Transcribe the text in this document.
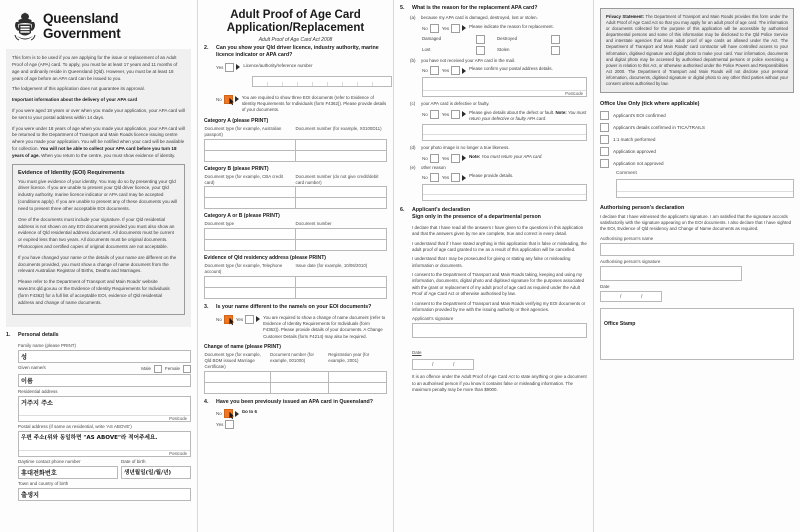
Queensland
Government

This form is to be used if you are applying for the issue or replacement of an Adult Proof of Age (APA) card. To apply, you must be at least 17 years and 11 months of age and ordinarily reside in Queensland (Qld). However, you must be at least 18 years of age before an APA card can be issued to you.

The lodgement of this application does not guarantee its approval.

Important information about the delivery of your APA card

If you were aged 18 years or over when you made your application, your APA card will be sent to your postal address within 14 days.

If you were under 18 years of age when you made your application, your APA card will be returned to the Department of Transport and Main Roads licence issuing centre where you made your application. You will be notified when your card will be available for collection. You will not be able to collect your APA card before you turn 18 years of age. When you return to the centre, you must show evidence of identity.

Evidence of Identity (EOI) Requirements

You must give evidence of your identity. You may do so by presenting your Qld driver licence. If you are unable to present your Qld driver licence, your Qld industry authority, marine licence indicator or APA card may be accepted (conditions apply). If you are unable to present any of these documents you will need to present three other acceptable EOI documents.

One of the documents must include your signature. If your Qld residential address is not shown on any EOI documents provided you must also show an evidence of Qld residential address document. All documents must be current or expired less than two years. All documents must be original documents. Photocopies and certified copies of original documents are not acceptable.

If you have changed your name or the details of your name are different on the documents provided, you must show a change of name document from the relevant Australian Registrar of Births, Deaths and Marriages.

Please refer to the Department of Transport and Main Roads' website www.tmr.qld.gov.au or the Evidence of Identity Requirements for Individuals (form F4362) for a full list of acceptable EOI, evidence of Qld residential address and change of name documents.

1.	Personal details
Family name (please PRINT)
성
Given name/s	Male	Female
이름
Residential address
거주지 주소
Postcode
Postal address (if same as residential, write 'AS ABOVE')
우편 주소(위와 동일하면 "AS ABOVE"라 적어주세요.
Postcode
Daytime contact phone number	Date of birth
휴대전화번호	생년월일(일/월/년)
Town and country of birth
출생지
Adult Proof of Age Card
Application/Replacement
Adult Proof of Age Card Act 2008
2.	Can you show your Qld driver licence, industry authority, marine licence indicator or APA card?
Yes	Licence/authority/reference number
No	You are required to show three EOI documents (refer to Evidence of Identity Requirements for Individuals (form F4362)). Please provide details of your documents.
Category A (please PRINT)
Document type (for example, Australian passport)	Document number (for example, X0100D11)

Category B (please PRINT)
Document type (for example, CBA credit card)	Document number (do not give credit/debit card number)

Category A or B (please PRINT)
Document type	Document number

Evidence of Qld residency address (please PRINT)
Document type (for example, Telephone account)	Issue date (for example, 10/06/2010)

3.	Is your name different to the name/s on your EOI documents?
No	Yes	You are required to show a change of name document (refer to Evidence of Identity Requirements for Individuals (form F4362)). Please provide details of your documents. A Change Customer Details (form F4214) may also be required.
Change of name (please PRINT)
Document type (for example, Qld BDM issued Marriage Certificate)	Document number (for example, 001000)	Registration year (for example, 2001)

4.	Have you been previously issued an APA card in Queensland?
No	Go to 6
Yes
5.	What is the reason for the replacement APA card?
(a)	because my APA card is damaged, destroyed, lost or stolen.
No	Yes	Please indicate the reason for replacement.
Damaged	Destroyed
Lost	Stolen
(b)	you have not received your APA card in the mail.
No	Yes	Please confirm your postal address details.
Postcode
(c)	your APA card is defective or faulty.
No	Yes	Please give details about the defect or fault. Note: You must return your defective or faulty APA card.
(d)	your photo image is no longer a true likeness.
No	Yes	Note: You must return your APA card.
(e)	other reason
No	Yes	Please provide details.
6.	Applicant's declaration
Sign only in the presence of a departmental person

I declare that I have read all the answers I have given to the questions in this application and that the answers given by me are complete, true and correct in every detail.

I understand that if I have stated anything in this application that is false or misleading, the adult proof of age card granted to me as a result of this application will be cancelled.

I understand that I may be prosecuted for giving or stating any false or misleading information or documents.

I consent to the Department of Transport and Main Roads taking, keeping and using my information, documents, digital photo and digitised signature for the purposes associated with the grant or replacement of my adult proof of age card as required under the Adult Proof of Age Card Act or otherwise authorised by law.

I consent to the Department of Transport and Main Roads verifying my EOI documents or information provided by me with the issuing authority or their agencies.

Applicant's signature
Date
/	/

It is an offence under the Adult Proof of Age Card Act to state anything or give a document to an authorised person if you know it contains false or misleading information. The maximum penalty may be more than $9000.

Privacy Statement: The Department of Transport and Main Roads provides this form under the Adult Proof of Age Card Act so that you may apply for an adult proof of age card. The information or documents collected for the purpose of this application will be accessible by authorised departmental persons and some of this information may be disclosed to the Qld Police Service and interstate agencies that issue adult proof of age cards as allowed under the Act. The Department of Transport and Main Roads' card contractor will have controlled access to your information, digitised signature and digital photo to make your card. Your information, documents and digital photo may be accessed by authorised departmental persons or police exercising a power in relation to this Act, or otherwise authorised under the Police Powers and Responsibilities Act 2000. The Department of Transport and Main Roads will not disclose your personal information, documents, digitised signature or digital photo to any other third parties without your consent unless authorised by law.

Office Use Only (tick where applicable)
Applicant's EOI confirmed
Applicant's details confirmed in TICA/TRAILS
1:1 match performed
Application approved
Application not approved
Comment
Authorising person's declaration

I declare that I have witnessed the applicant's signature. I am satisfied that the signature accords satisfactorily with the signature appearing on the EOI documents. I also declare that I have sighted the EOI, Evidence of Qld residency and Change of Name documents as required.

Authorising person's name
Authorising person's signature
Date
/	/
Office Stamp
